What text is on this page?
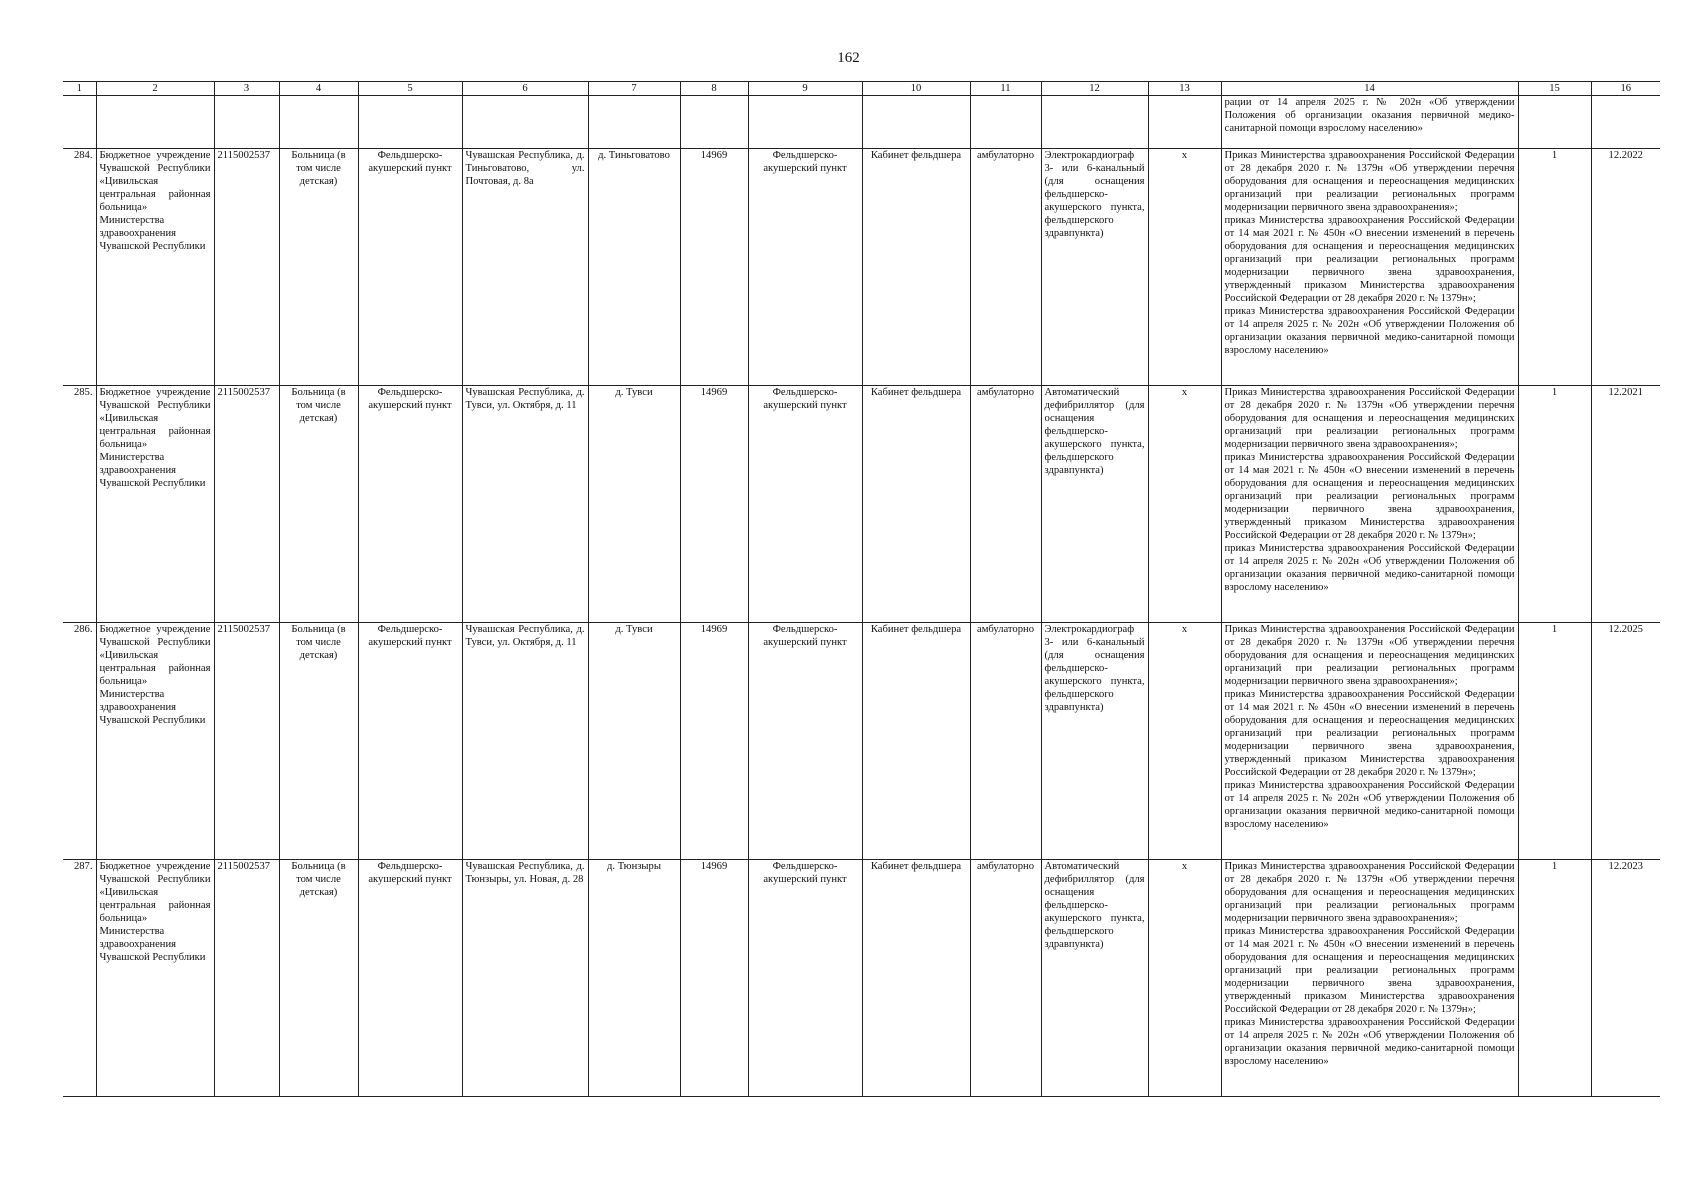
162
1	2	3	4	5	6	7	8	9	10	11	12	13	14	15	16
													рации от 14 апреля 2025 г. № 202н «Об утверждении Положения об организации оказания первичной медико-санитарной помощи взрослому населению»		
284.	Бюджетное учреждение Чувашской Республики «Цивильская центральная районная больница» Министерства здравоохранения Чувашской Республики	2115002537	Больница (в том числе детская)	Фельдшерско-акушерский пункт	Чувашская Республика, д. Тиньговатово, ул. Почтовая, д. 8а	д. Тиньговатово	14969	Фельдшерско-акушерский пункт	Кабинет фельдшера	амбулаторно	Электрокардиограф 3- или 6-канальный (для оснащения фельдшерско-акушерского пункта, фельдшерского здравпункта)	x	Приказ Министерства здравоохранения Российской Федерации от 28 декабря 2020 г. № 1379н «Об утверждении перечня оборудования для оснащения и переоснащения медицинских организаций при реализации региональных программ модернизации первичного звена здравоохранения»;
приказ Министерства здравоохранения Российской Федерации от 14 мая 2021 г. № 450н «О внесении изменений в перечень оборудования для оснащения и переоснащения медицинских организаций при реализации региональных программ модернизации первичного звена здравоохранения, утвержденный приказом Министерства здравоохранения Российской Федерации от 28 декабря 2020 г. № 1379н»;
приказ Министерства здравоохранения Российской Федерации от 14 апреля 2025 г. № 202н «Об утверждении Положения об организации оказания первичной медико-санитарной помощи взрослому населению»	1	12.2022
285.	Бюджетное учреждение Чувашской Республики «Цивильская центральная районная больница» Министерства здравоохранения Чувашской Республики	2115002537	Больница (в том числе детская)	Фельдшерско-акушерский пункт	Чувашская Республика, д. Тувси, ул. Октября, д. 11	д. Тувси	14969	Фельдшерско-акушерский пункт	Кабинет фельдшера	амбулаторно	Автоматический дефибриллятор (для оснащения фельдшерско-акушерского пункта, фельдшерского здравпункта)	x	Приказ Министерства здравоохранения Российской Федерации от 28 декабря 2020 г. № 1379н «Об утверждении перечня оборудования для оснащения и переоснащения медицинских организаций при реализации региональных программ модернизации первичного звена здравоохранения»;
приказ Министерства здравоохранения Российской Федерации от 14 мая 2021 г. № 450н «О внесении изменений в перечень оборудования для оснащения и переоснащения медицинских организаций при реализации региональных программ модернизации первичного звена здравоохранения, утвержденный приказом Министерства здравоохранения Российской Федерации от 28 декабря 2020 г. № 1379н»;
приказ Министерства здравоохранения Российской Федерации от 14 апреля 2025 г. № 202н «Об утверждении Положения об организации оказания первичной медико-санитарной помощи взрослому населению»	1	12.2021
286.	Бюджетное учреждение Чувашской Республики «Цивильская центральная районная больница» Министерства здравоохранения Чувашской Республики	2115002537	Больница (в том числе детская)	Фельдшерско-акушерский пункт	Чувашская Республика, д. Тувси, ул. Октября, д. 11	д. Тувси	14969	Фельдшерско-акушерский пункт	Кабинет фельдшера	амбулаторно	Электрокардиограф 3- или 6-канальный (для оснащения фельдшерско-акушерского пункта, фельдшерского здравпункта)	x	Приказ Министерства здравоохранения Российской Федерации от 28 декабря 2020 г. № 1379н «Об утверждении перечня оборудования для оснащения и переоснащения медицинских организаций при реализации региональных программ модернизации первичного звена здравоохранения»;
приказ Министерства здравоохранения Российской Федерации от 14 мая 2021 г. № 450н «О внесении изменений в перечень оборудования для оснащения и переоснащения медицинских организаций при реализации региональных программ модернизации первичного звена здравоохранения, утвержденный приказом Министерства здравоохранения Российской Федерации от 28 декабря 2020 г. № 1379н»;
приказ Министерства здравоохранения Российской Федерации от 14 апреля 2025 г. № 202н «Об утверждении Положения об организации оказания первичной медико-санитарной помощи взрослому населению»	1	12.2025
287.	Бюджетное учреждение Чувашской Республики «Цивильская центральная районная больница» Министерства здравоохранения Чувашской Республики	2115002537	Больница (в том числе детская)	Фельдшерско-акушерский пункт	Чувашская Республика, д. Тюнзыры, ул. Новая, д. 28	д. Тюнзыры	14969	Фельдшерско-акушерский пункт	Кабинет фельдшера	амбулаторно	Автоматический дефибриллятор (для оснащения фельдшерско-акушерского пункта, фельдшерского здравпункта)	x	Приказ Министерства здравоохранения Российской Федерации от 28 декабря 2020 г. № 1379н «Об утверждении перечня оборудования для оснащения и переоснащения медицинских организаций при реализации региональных программ модернизации первичного звена здравоохранения»;
приказ Министерства здравоохранения Российской Федерации от 14 мая 2021 г. № 450н «О внесении изменений в перечень оборудования для оснащения и переоснащения медицинских организаций при реализации региональных программ модернизации первичного звена здравоохранения, утвержденный приказом Министерства здравоохранения Российской Федерации от 28 декабря 2020 г. № 1379н»;
приказ Министерства здравоохранения Российской Федерации от 14 апреля 2025 г. № 202н «Об утверждении Положения об организации оказания первичной медико-санитарной помощи взрослому населению»	1	12.2023
